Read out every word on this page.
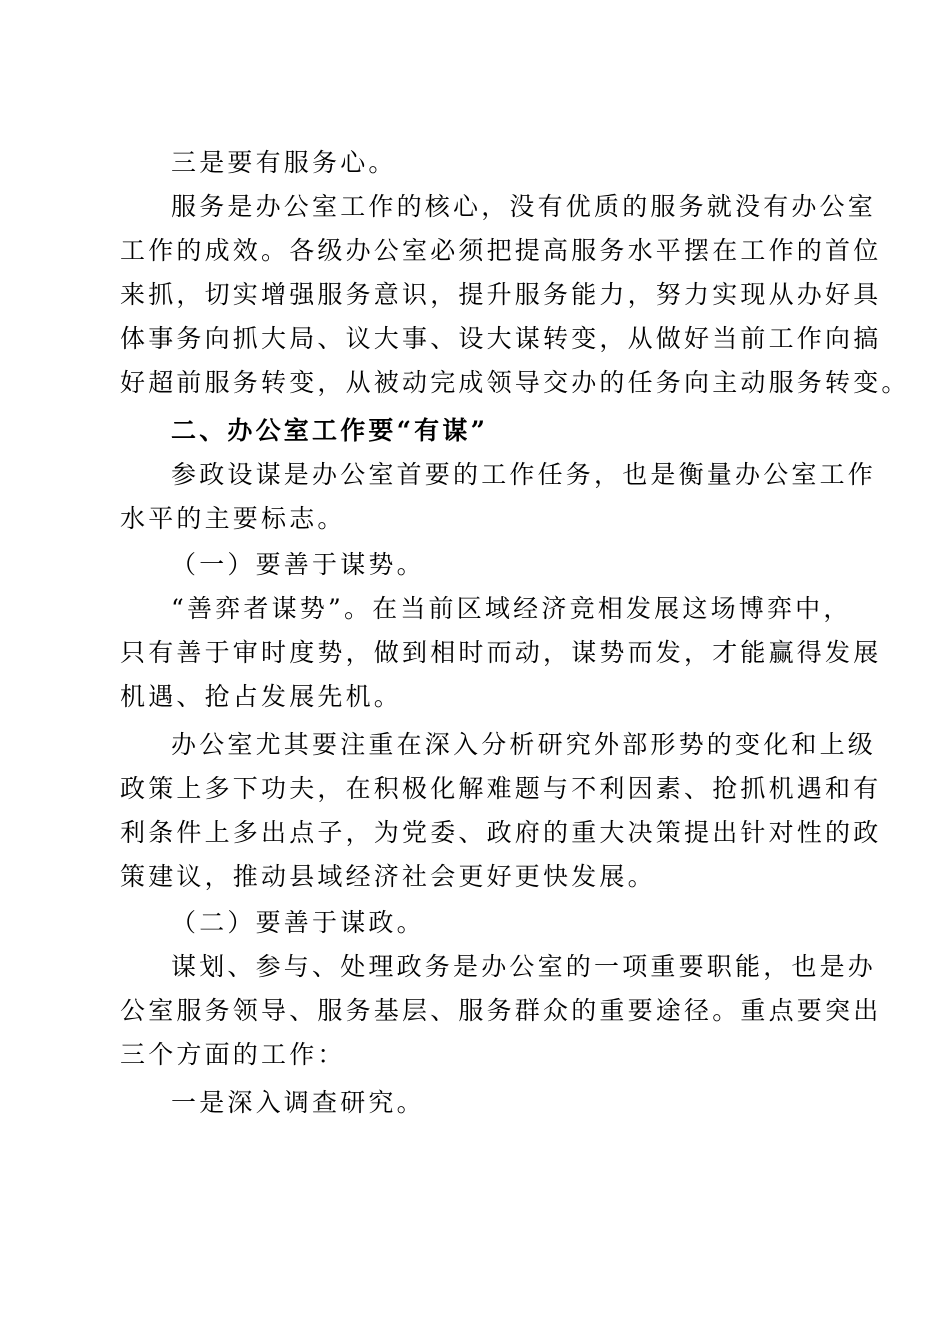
三是要有服务心。
服务是办公室工作的核心，没有优质的服务就没有办公室
工作的成效。各级办公室必须把提高服务水平摆在工作的首位
来抓，切实增强服务意识，提升服务能力，努力实现从办好具
体事务向抓大局、议大事、设大谋转变，从做好当前工作向搞
好超前服务转变，从被动完成领导交办的任务向主动服务转变。
二、办公室工作要“有谋”
参政设谋是办公室首要的工作任务，也是衡量办公室工作
水平的主要标志。
（一）要善于谋势。
“善弈者谋势”。在当前区域经济竞相发展这场博弈中，
只有善于审时度势，做到相时而动，谋势而发，才能赢得发展
机遇、抢占发展先机。
办公室尤其要注重在深入分析研究外部形势的变化和上级
政策上多下功夫，在积极化解难题与不利因素、抢抓机遇和有
利条件上多出点子，为党委、政府的重大决策提出针对性的政
策建议，推动县域经济社会更好更快发展。
（二）要善于谋政。
谋划、参与、处理政务是办公室的一项重要职能，也是办
公室服务领导、服务基层、服务群众的重要途径。重点要突出
三个方面的工作：
一是深入调查研究。
